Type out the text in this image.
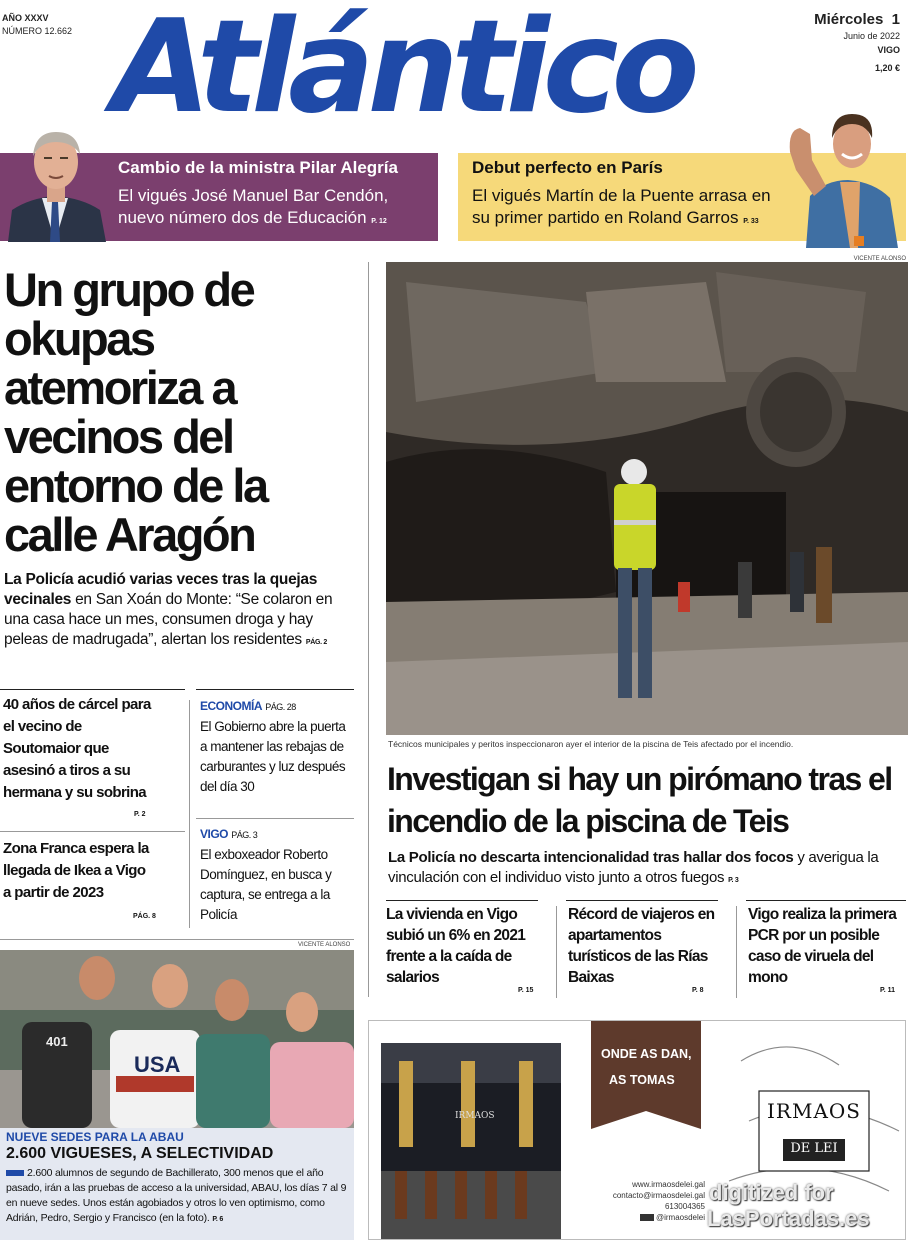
AÑO XXXV
NÚMERO 12.662 Atlántico	Miércoles 1
Junio de 2022
VIGO
1,20 €
Cambio de la ministra Pilar Alegría
El vigués José Manuel Bar Cendón, nuevo número dos de Educación P. 12
Debut perfecto en París
El vigués Martín de la Puente arrasa en su primer partido en Roland Garros P. 33
VICENTE ALONSO
Un grupo de okupas atemoriza a vecinos del entorno de la calle Aragón
La Policía acudió varias veces tras la quejas vecinales en San Xoán do Monte: “Se colaron en una casa hace un mes, consumen droga y hay peleas de madrugada”, alertan los residentes PÁG. 2
40 años de cárcel para el vecino de Soutomaior que asesinó a tiros a su hermana y su sobrina
P. 2
Zona Franca espera la llegada de Ikea a Vigo a partir de 2023
PÁG. 8
ECONOMÍA PÁG. 28
El Gobierno abre la puerta a mantener las rebajas de carburantes y luz después del día 30
VIGO PÁG. 3
El exboxeador Roberto Domínguez, en busca y captura, se entrega a la Policía
Técnicos municipales y peritos inspeccionaron ayer el interior de la piscina de Teis afectado por el incendio.
Investigan si hay un pirómano tras el incendio de la piscina de Teis
La Policía no descarta intencionalidad tras hallar dos focos y averigua la vinculación con el individuo visto junto a otros fuegos P. 3
La vivienda en Vigo subió un 6% en 2021 frente a la caída de salarios
P. 15
Récord de viajeros en apartamentos turísticos de las Rías Baixas
P. 8
Vigo realiza la primera PCR por un posible caso de viruela del mono
P. 11
VICENTE ALONSO
USA
401
NUEVE SEDES PARA LA ABAU
2.600 VIGUESES, A SELECTIVIDAD
2.600 alumnos de segundo de Bachillerato, 300 menos que el año pasado, irán a las pruebas de acceso a la universidad, ABAU, los días 7 al 9 en nueve sedes. Unos están agobiados y otros lo ven optimismo, como Adrián, Pedro, Sergio y Francisco (en la foto). P. 6
IRMAOS
ONDE AS DAN,
AS TOMAS
IRMAOS
DE LEI
www.irmaosdelei.gal
contacto@irmaosdelei.gal
613004365
@irmaosdelei
digitized for
LasPortadas.es
